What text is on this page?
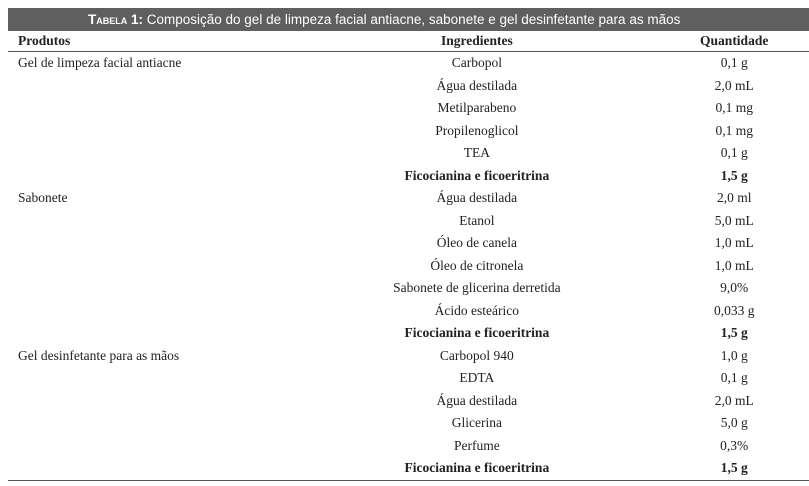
Tabela 1: Composição do gel de limpeza facial antiacne, sabonete e gel desinfetante para as mãos
Produtos	Ingredientes	Quantidade
Gel de limpeza facial antiacne	Carbopol	0,1 g
	Água destilada	2,0 mL
	Metilparabeno	0,1 mg
	Propilenoglicol	0,1 mg
	TEA	0,1 g
	Ficocianina e ficoeritrina	1,5 g
Sabonete	Água destilada	2,0 ml
	Etanol	5,0 mL
	Óleo de canela	1,0 mL
	Óleo de citronela	1,0 mL
	Sabonete de glicerina derretida	9,0%
	Ácido esteárico	0,033 g
	Ficocianina e ficoeritrina	1,5 g
Gel desinfetante para as mãos	Carbopol 940	1,0 g
	EDTA	0,1 g
	Água destilada	2,0 mL
	Glicerina	5,0 g
	Perfume	0,3%
	Ficocianina e ficoeritrina	1,5 g
